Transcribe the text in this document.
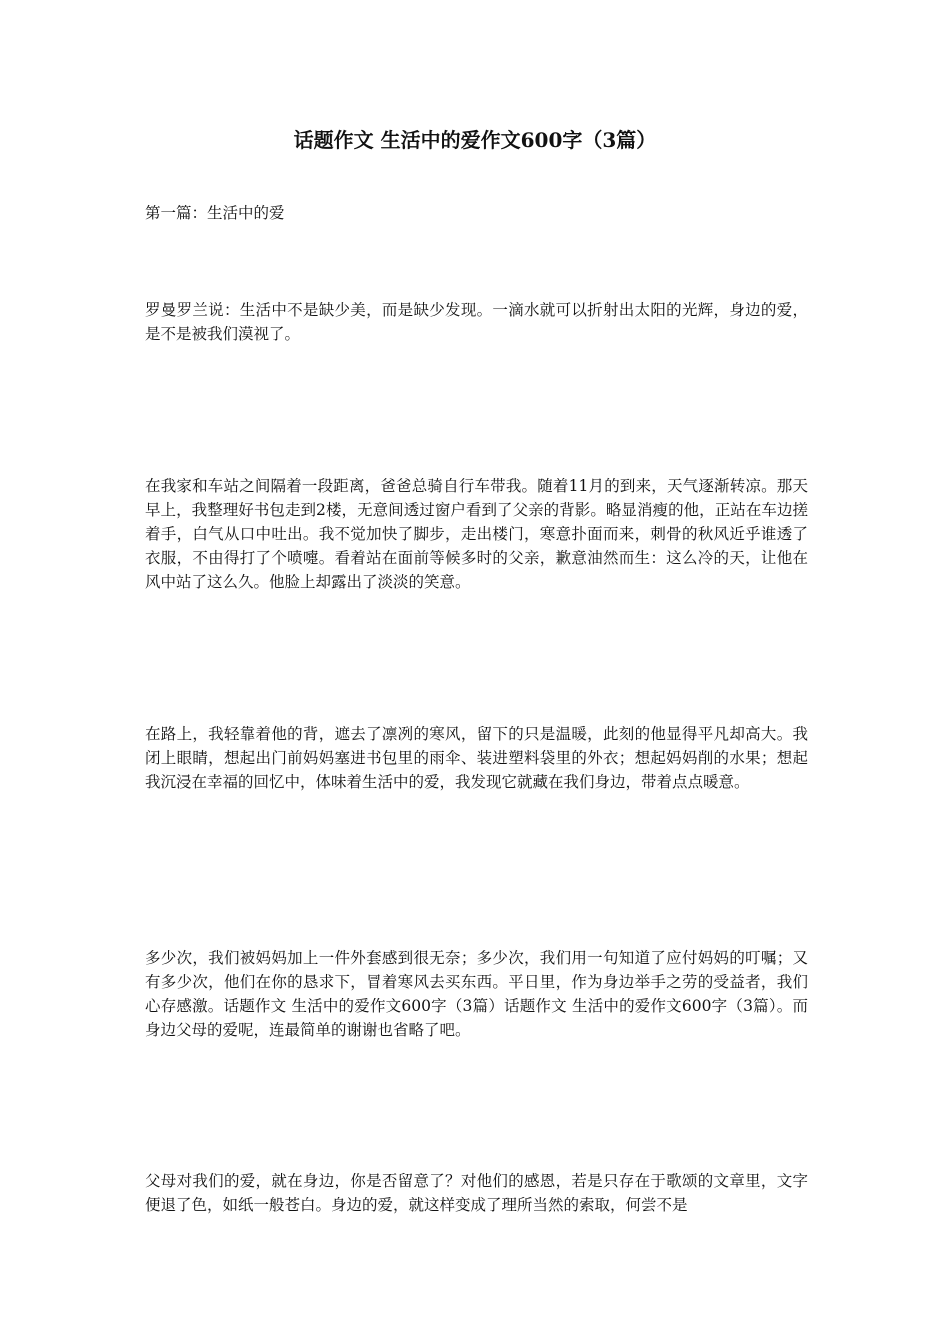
话题作文 生活中的爱作文600字（3篇）
第一篇：生活中的爱

罗曼罗兰说：生活中不是缺少美，而是缺少发现。一滴水就可以折射出太阳的光辉，身边的爱，是不是被我们漠视了。

在我家和车站之间隔着一段距离，爸爸总骑自行车带我。随着11月的到来，天气逐渐转凉。那天早上，我整理好书包走到2楼，无意间透过窗户看到了父亲的背影。略显消瘦的他，正站在车边搓着手，白气从口中吐出。我不觉加快了脚步，走出楼门，寒意扑面而来，刺骨的秋风近乎谁透了衣服，不由得打了个喷嚏。看着站在面前等候多时的父亲，歉意油然而生：这么冷的天，让他在风中站了这么久。他脸上却露出了淡淡的笑意。

在路上，我轻靠着他的背，遮去了凛冽的寒风，留下的只是温暖，此刻的他显得平凡却高大。我闭上眼睛，想起出门前妈妈塞进书包里的雨伞、装进塑料袋里的外衣；想起妈妈削的水果；想起我沉浸在幸福的回忆中，体味着生活中的爱，我发现它就藏在我们身边，带着点点暖意。

多少次，我们被妈妈加上一件外套感到很无奈；多少次，我们用一句知道了应付妈妈的叮嘱；又有多少次，他们在你的恳求下，冒着寒风去买东西。平日里，作为身边举手之劳的受益者，我们心存感激。话题作文 生活中的爱作文600字（3篇）话题作文 生活中的爱作文600字（3篇）。而身边父母的爱呢，连最简单的谢谢也省略了吧。

父母对我们的爱，就在身边，你是否留意了？对他们的感恩，若是只存在于歌颂的文章里，文字便退了色，如纸一般苍白。身边的爱，就这样变成了理所当然的索取，何尝不是
